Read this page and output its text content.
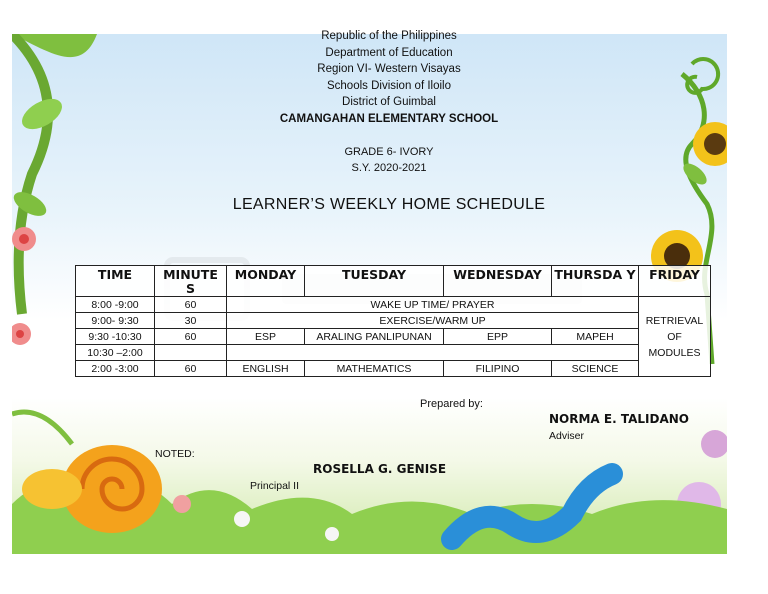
Republic of the Philippines
Department of Education
Region VI- Western Visayas
Schools Division of Iloilo
District of Guimbal
CAMANGAHAN ELEMENTARY SCHOOL
GRADE 6- IVORY
S.Y. 2020-2021
LEARNER’S WEEKLY HOME SCHEDULE
TIME	MINUTE S	MONDAY	TUESDAY	WEDNESDAY	THURSDA Y	FRIDAY
8:00 -9:00	60	WAKE UP TIME/ PRAYER				RETRIEVAL OF MODULES
9:00- 9:30	30	EXERCISE/WARM UP				
9:30 -10:30	60	ESP	ARALING PANLIPUNAN	EPP	MAPEH	
10:30 –2:00						
2:00 -3:00	60	ENGLISH	MATHEMATICS	FILIPINO	SCIENCE	
Prepared by:
NORMA E. TALIDANO
Adviser
NOTED:
ROSELLA G. GENISE
Principal II
